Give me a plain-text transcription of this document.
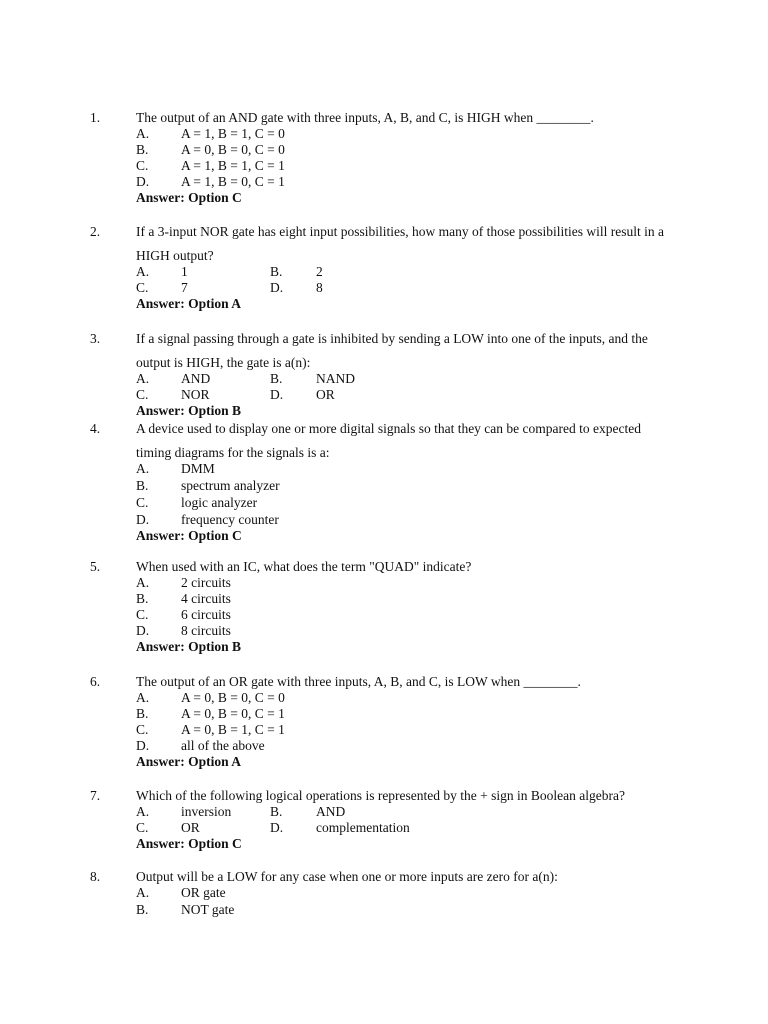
1.	The output of an AND gate with three inputs, A, B, and C, is HIGH when ________.
A. A = 1, B = 1, C = 0
B. A = 0, B = 0, C = 0
C. A = 1, B = 1, C = 1
D. A = 1, B = 0, C = 1
Answer: Option C
2.	If a 3-input NOR gate has eight input possibilities, how many of those possibilities will result in a
HIGH output?
A. 1	B. 2
C. 7	D. 8
Answer: Option A
3.	If a signal passing through a gate is inhibited by sending a LOW into one of the inputs, and the
output is HIGH, the gate is a(n):
A. AND	B. NAND
C. NOR	D. OR
Answer: Option B
4.	A device used to display one or more digital signals so that they can be compared to expected
timing diagrams for the signals is a:
A. DMM
B. spectrum analyzer
C. logic analyzer
D. frequency counter
Answer: Option C
5.	When used with an IC, what does the term "QUAD" indicate?
A. 2 circuits
B. 4 circuits
C. 6 circuits
D. 8 circuits
Answer: Option B
6.	The output of an OR gate with three inputs, A, B, and C, is LOW when ________.
A. A = 0, B = 0, C = 0
B. A = 0, B = 0, C = 1
C. A = 0, B = 1, C = 1
D. all of the above
Answer: Option A
7.	Which of the following logical operations is represented by the + sign in Boolean algebra?
A. inversion	B. AND
C. OR	D. complementation
Answer: Option C
8.	Output will be a LOW for any case when one or more inputs are zero for a(n):
A. OR gate
B. NOT gate
